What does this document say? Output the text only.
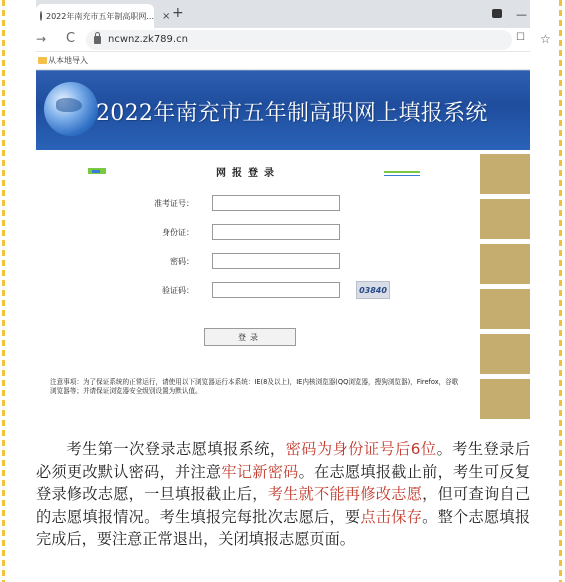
2022年南充市五年制高职网... × +	—
→ C	ncwnz.zk789.cn	☆
☐
从本地导入
2022年南充市五年制高职网上填报系统
网报登录
准考证号：
身份证：
密码：
验证码：	03840
登录
注意事项：为了保证系统的正常运行，请使用以下浏览器运行本系统：IE(8及以上)，IE内核浏览器(QQ浏览器，搜狗浏览器)，Firefox，谷歌浏览器等；并请保证浏览器安全级别设置为默认值。
考生第一次登录志愿填报系统，密码为身份证号后6位。考生登录后必须更改默认密码，并注意牢记新密码。在志愿填报截止前，考生可反复登录修改志愿，一旦填报截止后，考生就不能再修改志愿，但可查询自己的志愿填报情况。考生填报完每批次志愿后，要点击保存。整个志愿填报完成后，要注意正常退出，关闭填报志愿页面。
